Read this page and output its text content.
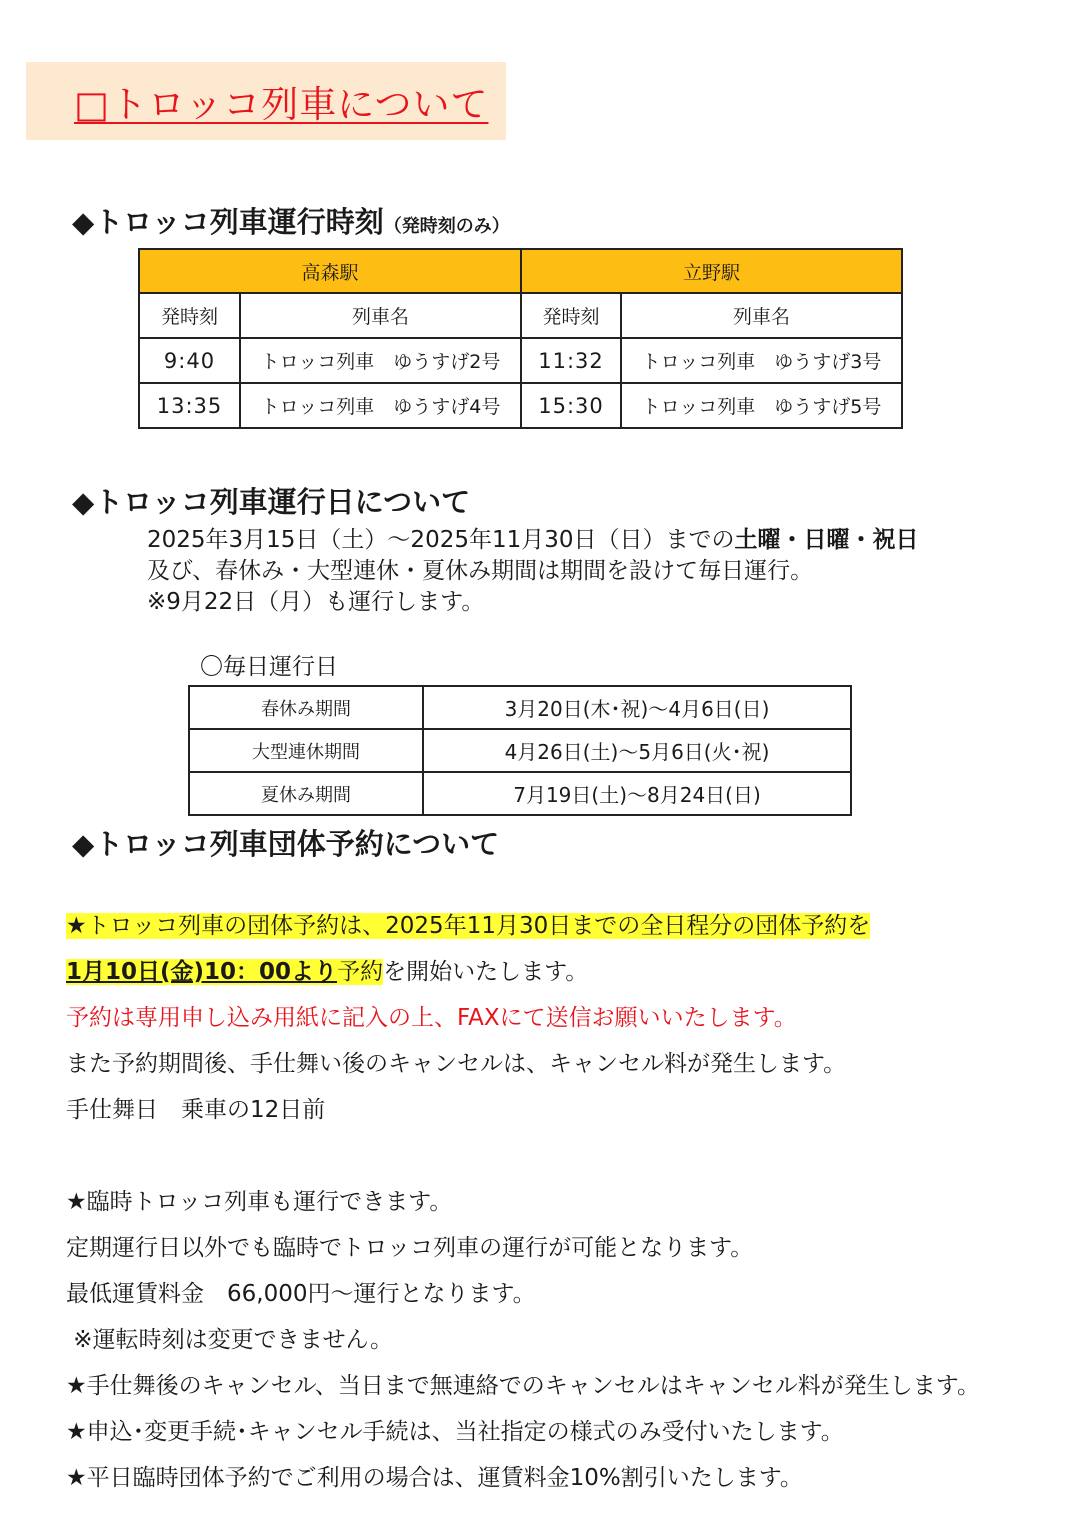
□トロッコ列車について
◆トロッコ列車運行時刻（発時刻のみ）
高森駅		立野駅	
発時刻	列車名	発時刻	列車名
9:40	トロッコ列車　ゆうすげ2号	11:32	トロッコ列車　ゆうすげ3号
13:35	トロッコ列車　ゆうすげ4号	15:30	トロッコ列車　ゆうすげ5号
◆トロッコ列車運行日について
2025年3月15日（土）～2025年11月30日（日）までの土曜・日曜・祝日
及び、春休み・大型連休・夏休み期間は期間を設けて毎日運行。
※9月22日（月）も運行します。
〇毎日運行日
春休み期間	3月20日(木･祝)～4月6日(日)
大型連休期間	4月26日(土)～5月6日(火･祝)
夏休み期間	7月19日(土)～8月24日(日)
◆トロッコ列車団体予約について
★トロッコ列車の団体予約は、2025年11月30日までの全日程分の団体予約を
1月10日(金)10：00より予約を開始いたします。
予約は専用申し込み用紙に記入の上、FAXにて送信お願いいたします。
また予約期間後、手仕舞い後のキャンセルは、キャンセル料が発生します。
手仕舞日　乗車の12日前
★臨時トロッコ列車も運行できます。
定期運行日以外でも臨時でトロッコ列車の運行が可能となります。
最低運賃料金　66,000円～運行となります。
※運転時刻は変更できません。
★手仕舞後のキャンセル、当日まで無連絡でのキャンセルはキャンセル料が発生します。
★申込･変更手続･キャンセル手続は、当社指定の様式のみ受付いたします。
★平日臨時団体予約でご利用の場合は、運賃料金10%割引いたします。
